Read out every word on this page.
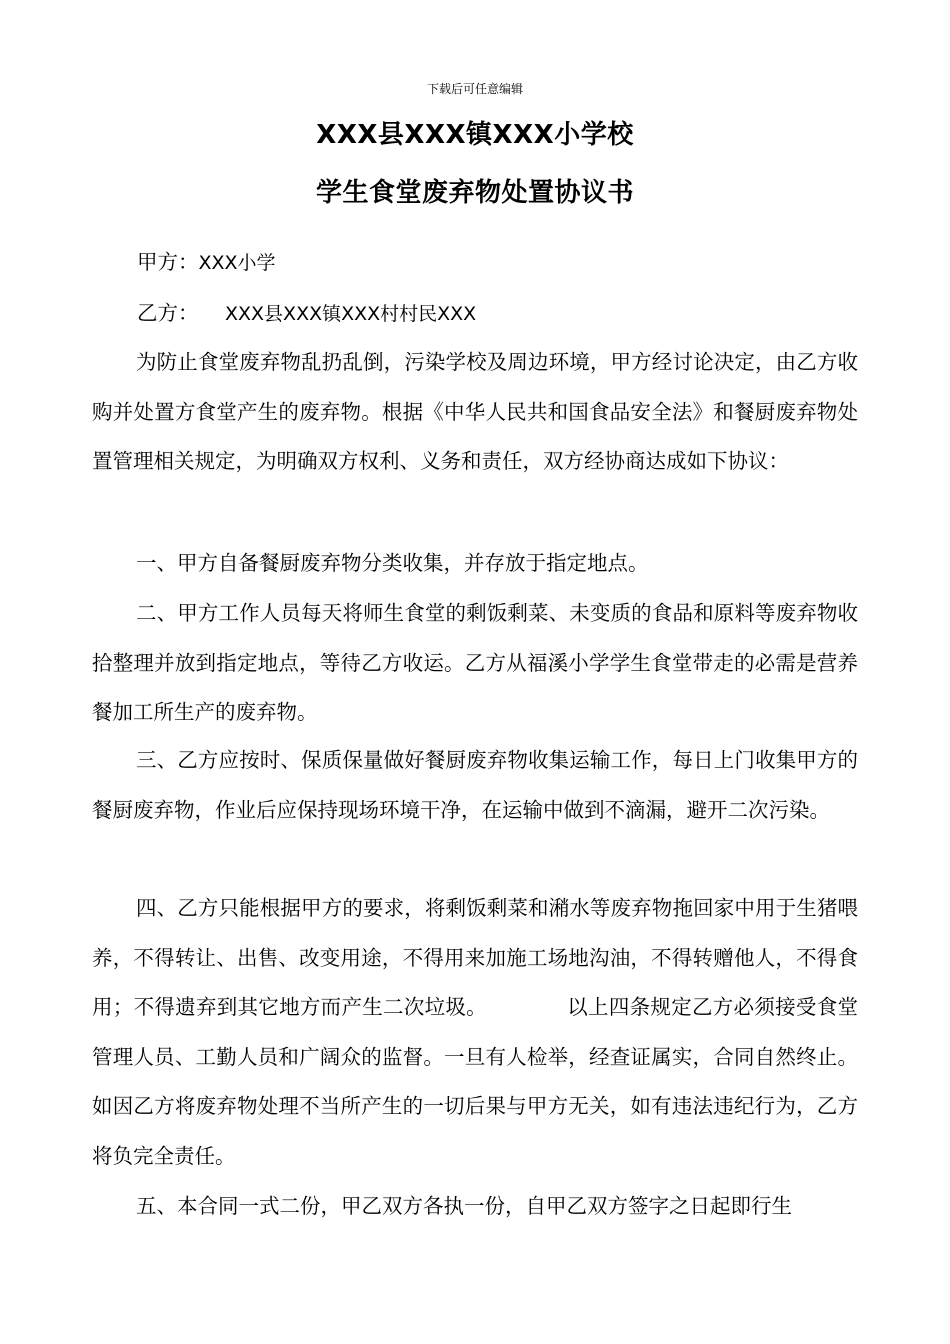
下载后可任意编辑
XXX县XXX镇XXX小学校
学生食堂废弃物处置协议书
甲方：XXX小学
乙方： XXX县XXX镇XXX村村民XXX

为防止食堂废弃物乱扔乱倒，污染学校及周边环境，甲方经讨论决定，由乙方收购并处置方食堂产生的废弃物。根据《中华人民共和国食品安全法》和餐厨废弃物处置管理相关规定，为明确双方权利、义务和责任，双方经协商达成如下协议：

一、甲方自备餐厨废弃物分类收集，并存放于指定地点。

二、甲方工作人员每天将师生食堂的剩饭剩菜、未变质的食品和原料等废弃物收拾整理并放到指定地点，等待乙方收运。乙方从福溪小学学生食堂带走的必需是营养餐加工所生产的废弃物。

三、乙方应按时、保质保量做好餐厨废弃物收集运输工作，每日上门收集甲方的餐厨废弃物，作业后应保持现场环境干净，在运输中做到不滴漏，避开二次污染。

四、乙方只能根据甲方的要求，将剩饭剩菜和潲水等废弃物拖回家中用于生猪喂养，不得转让、出售、改变用途，不得用来加施工场地沟油，不得转赠他人，不得食用；不得遗弃到其它地方而产生二次垃圾。	以上四条规定乙方必须接受食堂管理人员、工勤人员和广阔众的监督。一旦有人检举，经查证属实，合同自然终止。如因乙方将废弃物处理不当所产生的一切后果与甲方无关，如有违法违纪行为，乙方将负完全责任。

五、本合同一式二份，甲乙双方各执一份，自甲乙双方签字之日起即行生
